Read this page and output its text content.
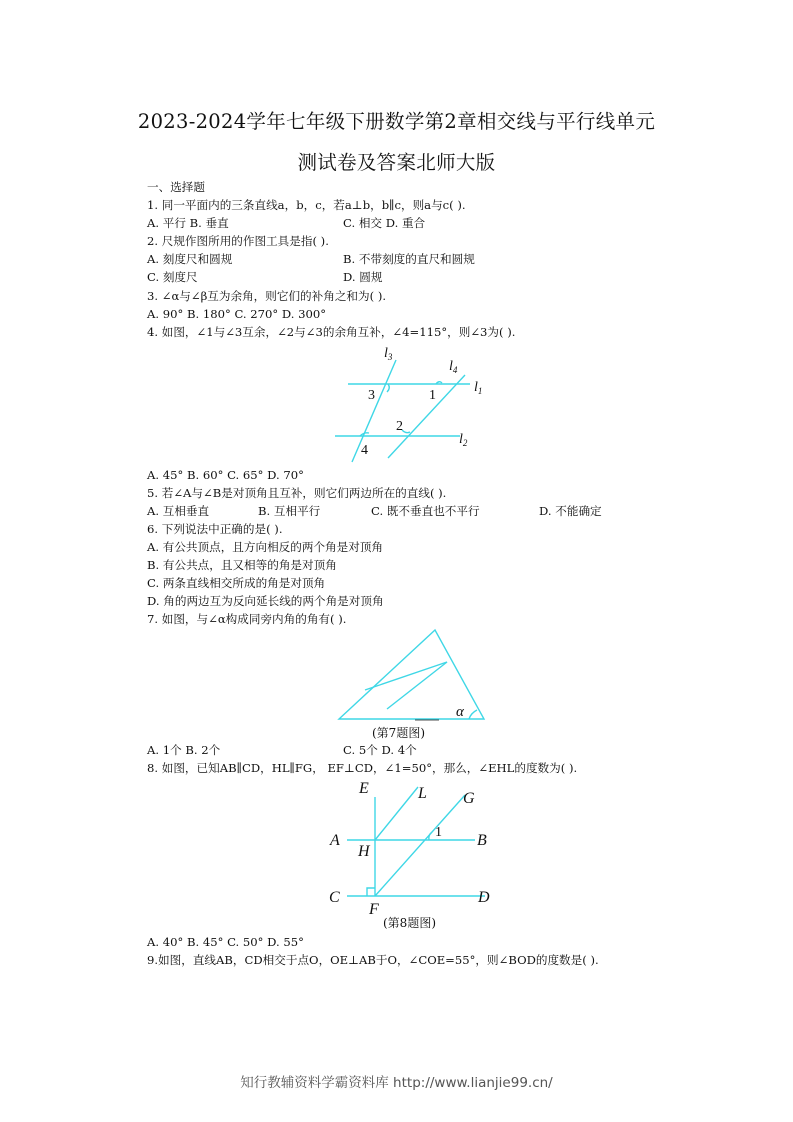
2023-2024学年七年级下册数学第2章相交线与平行线单元
测试卷及答案北师大版
一、选择题
1. 同一平面内的三条直线a，b，c，若a⊥b，b∥c，则a与c( ).
A. 平行 B. 垂直	C. 相交 D. 重合
2. 尺规作图所用的作图工具是指( ).
A. 刻度尺和圆规	B. 不带刻度的直尺和圆规
C. 刻度尺	D. 圆规
3. ∠α与∠β互为余角，则它们的补角之和为( ).
A. 90° B. 180° C. 270° D. 300°
4. 如图，∠1与∠3互余，∠2与∠3的余角互补，∠4=115°，则∠3为( ).
$l_3$
$l_4$
$l_1$
$l_2$
3	1
2
4
A. 45° B. 60° C. 65° D. 70°
5. 若∠A与∠B是对顶角且互补，则它们两边所在的直线( ).
A. 互相垂直	B. 互相平行	C. 既不垂直也不平行	D. 不能确定
6. 下列说法中正确的是( ).
A. 有公共顶点，且方向相反的两个角是对顶角
B. 有公共点，且又相等的角是对顶角
C. 两条直线相交所成的角是对顶角
D. 角的两边互为反向延长线的两个角是对顶角
7. 如图，与∠α构成同旁内角的角有( ).
α
(第7题图)
A. 1个 B. 2个	C. 5个 D. 4个
8. 如图，已知AB∥CD，HL∥FG， EF⊥CD，∠1=50°，那么，∠EHL的度数为( ).
E	L G
A
H
B
C
F
D
1
(第8题图)
A. 40° B. 45° C. 50° D. 55°
9.如图，直线AB，CD相交于点O，OE⊥AB于O，∠COE=55°，则∠BOD的度数是( ).
知行教辅资料学霸资料库 http://www.lianjie99.cn/
